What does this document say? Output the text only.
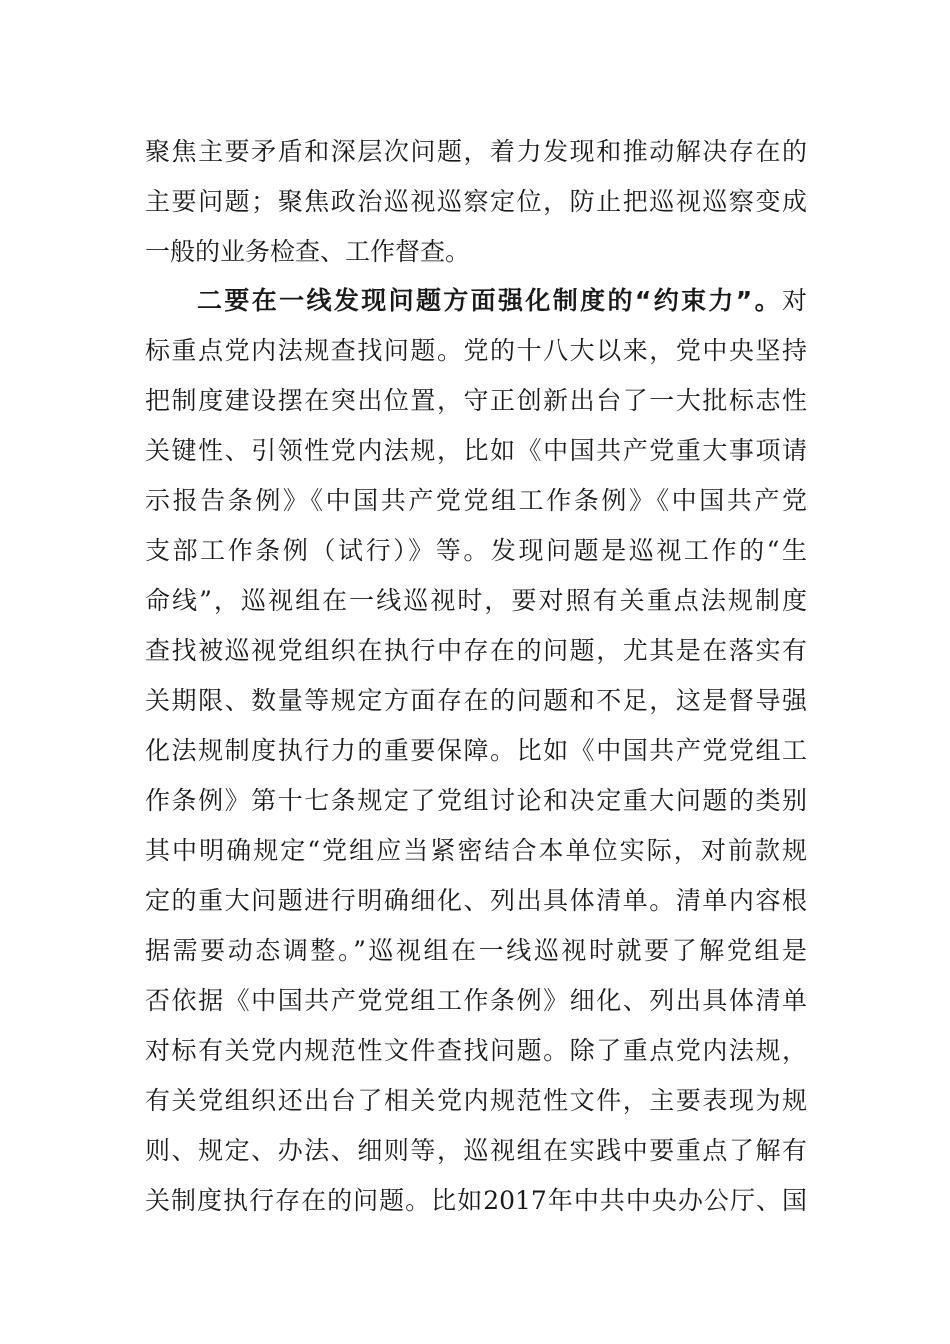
聚焦主要矛盾和深层次问题，着力发现和推动解决存在的
主要问题；聚焦政治巡视巡察定位，防止把巡视巡察变成
一般的业务检查、工作督查。
二要在一线发现问题方面强化制度的“约束力”。对
标重点党内法规查找问题。党的十八大以来，党中央坚持
把制度建设摆在突出位置，守正创新出台了一大批标志性
关键性、引领性党内法规，比如《中国共产党重大事项请
示报告条例》《中国共产党党组工作条例》《中国共产党
支部工作条例（试行）》等。发现问题是巡视工作的“生
命线”，巡视组在一线巡视时，要对照有关重点法规制度
查找被巡视党组织在执行中存在的问题，尤其是在落实有
关期限、数量等规定方面存在的问题和不足，这是督导强
化法规制度执行力的重要保障。比如《中国共产党党组工
作条例》第十七条规定了党组讨论和决定重大问题的类别
其中明确规定“党组应当紧密结合本单位实际，对前款规
定的重大问题进行明确细化、列出具体清单。清单内容根
据需要动态调整。”巡视组在一线巡视时就要了解党组是
否依据《中国共产党党组工作条例》细化、列出具体清单
对标有关党内规范性文件查找问题。除了重点党内法规，
有关党组织还出台了相关党内规范性文件，主要表现为规
则、规定、办法、细则等，巡视组在实践中要重点了解有
关制度执行存在的问题。比如2017年中共中央办公厅、国
